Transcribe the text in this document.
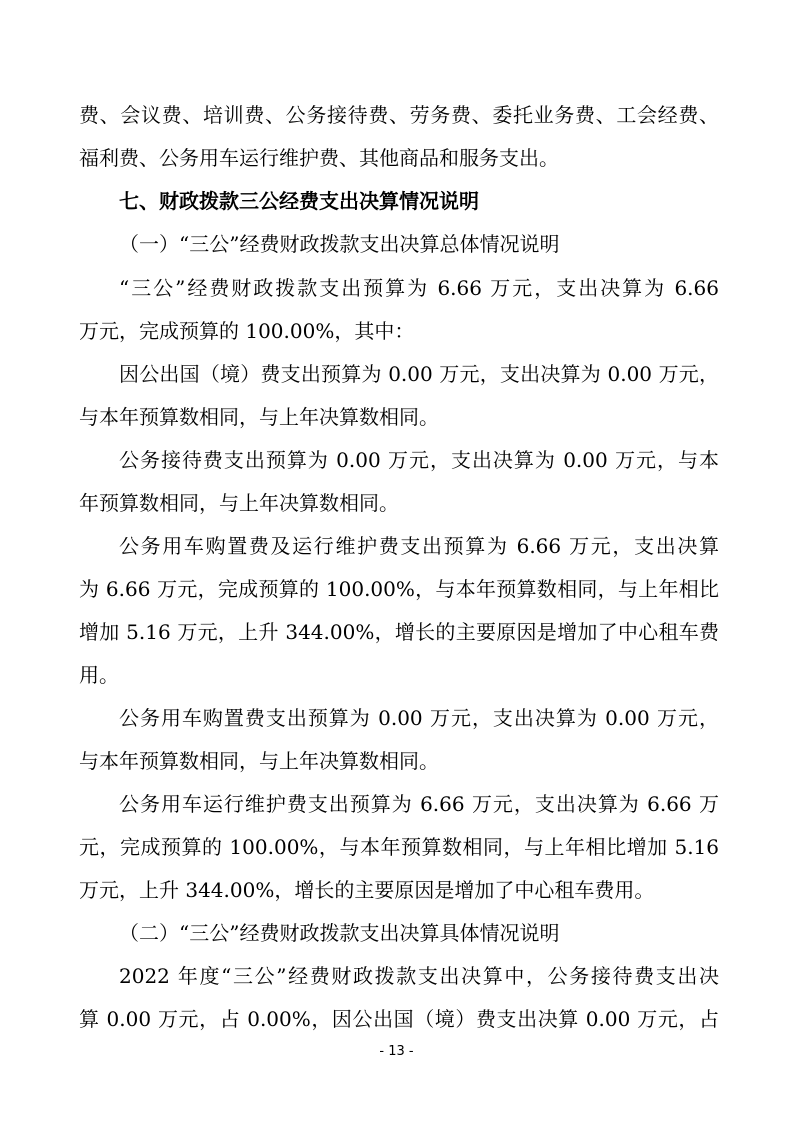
费、会议费、培训费、公务接待费、劳务费、委托业务费、工会经费、
福利费、公务用车运行维护费、其他商品和服务支出。
七、财政拨款三公经费支出决算情况说明
（一）“三公”经费财政拨款支出决算总体情况说明
“三公”经费财政拨款支出预算为 6.66 万元，支出决算为 6.66
万元，完成预算的 100.00%，其中：
因公出国（境）费支出预算为 0.00 万元，支出决算为 0.00 万元，
与本年预算数相同，与上年决算数相同。
公务接待费支出预算为 0.00 万元，支出决算为 0.00 万元，与本
年预算数相同，与上年决算数相同。
公务用车购置费及运行维护费支出预算为 6.66 万元，支出决算
为 6.66 万元，完成预算的 100.00%，与本年预算数相同，与上年相比
增加 5.16 万元，上升 344.00%，增长的主要原因是增加了中心租车费
用。
公务用车购置费支出预算为 0.00 万元，支出决算为 0.00 万元，
与本年预算数相同，与上年决算数相同。
公务用车运行维护费支出预算为 6.66 万元，支出决算为 6.66 万
元，完成预算的 100.00%，与本年预算数相同，与上年相比增加 5.16
万元，上升 344.00%，增长的主要原因是增加了中心租车费用。
（二）“三公”经费财政拨款支出决算具体情况说明
2022 年度“三公”经费财政拨款支出决算中，公务接待费支出决
算 0.00 万元，占 0.00%，因公出国（境）费支出决算 0.00 万元，占
- 13 -
